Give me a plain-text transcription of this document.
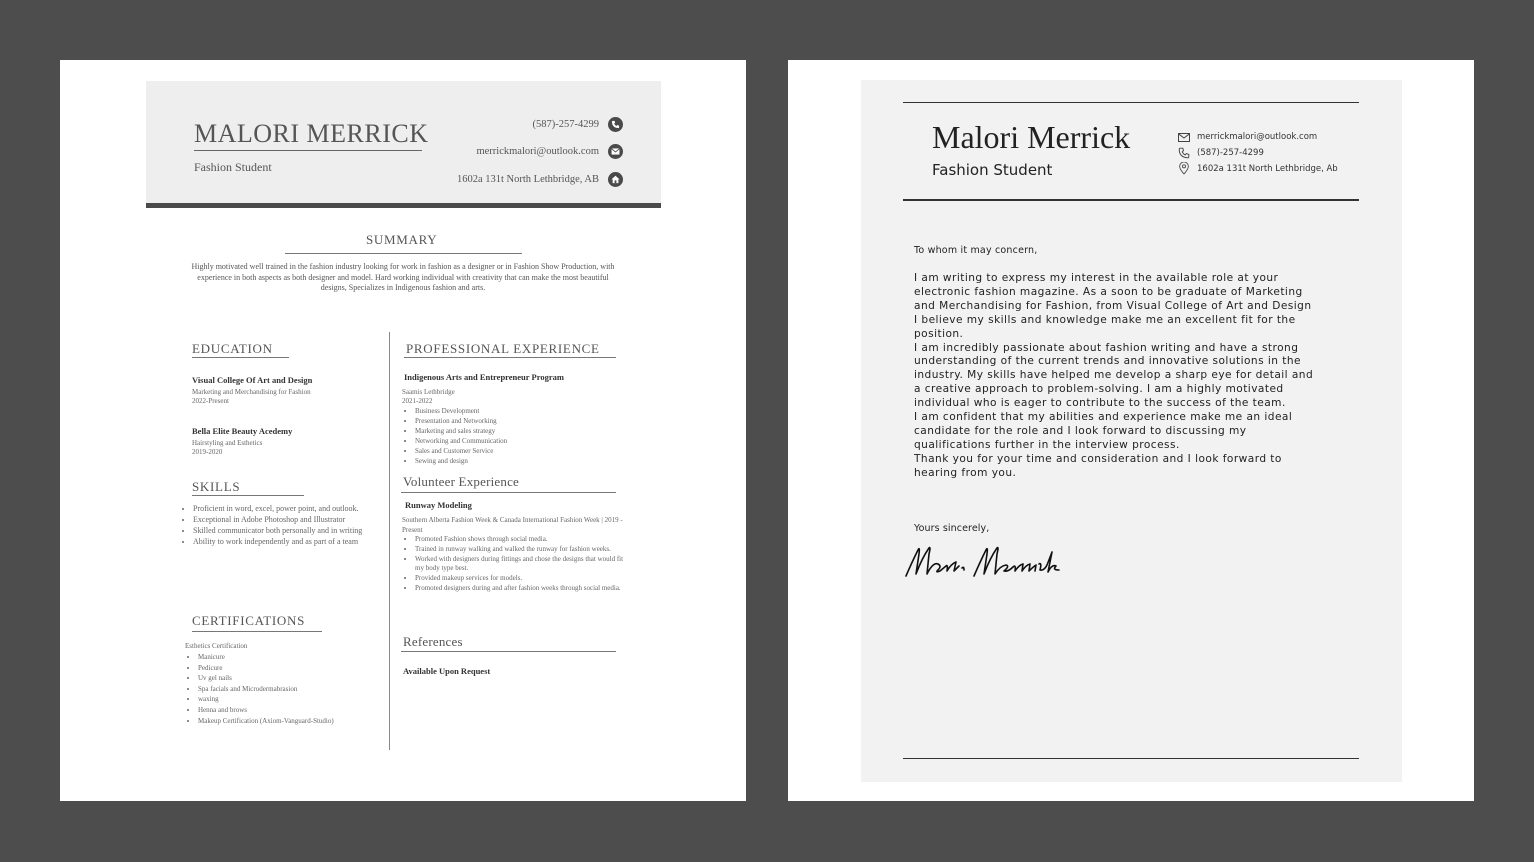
MALORI MERRICK
Fashion Student
(587)-257-4299
merrickmalori@outlook.com
1602a 131t North Lethbridge, AB
SUMMARY
Highly motivated well trained in the fashion industry looking for work in fashion as a designer or in Fashion Show Production, with experience in both aspects as both designer and model. Hard working individual with creativity that can make the most beautiful designs, Specializes in Indigenous fashion and arts.
EDUCATION
Visual College Of Art and Design
Marketing and Merchandising for Fashion
2022-Present
Bella Elite Beauty Acedemy
Hairstyling and Esthetics
2019-2020
SKILLS
• Proficient in word, excel, power point, and outlook.
• Exceptional in Adobe Photoshop and Illustrator
• Skilled communicator both personally and in writing
• Ability to work independently and as part of a team
CERTIFICATIONS
Esthetics Certification
• Manicure
• Pedicure
• Uv gel nails
• Spa facials and Microdermabrasion
• waxing
• Henna and brows
• Makeup Certification (Axiom-Vanguard-Studio)
PROFESSIONAL EXPERIENCE
Indigenous Arts and Entrepreneur Program
Saamis Lethbridge
2021-2022
• Business Development
• Presentation and Networking
• Marketing and sales strategy
• Networking and Communication
• Sales and Customer Service
• Sewing and design
Volunteer Experience
Runway Modeling
Southern Alberta Fashion Week & Canada International Fashion Week | 2019 - Present
• Promoted Fashion shows through social media.
• Trained in runway walking and walked the runway for fashion weeks.
• Worked with designers during fittings and chose the designs that would fit my body type best.
• Provided makeup services for models.
• Promoted designers during and after fashion weeks through social media.
References
Available Upon Request
Malori Merrick
Fashion Student
merrickmalori@outlook.com
(587)-257-4299
1602a 131t North Lethbridge, Ab
To whom it may concern,
I am writing to express my interest in the available role at your
electronic fashion magazine. As a soon to be graduate of Marketing
and Merchandising for Fashion, from Visual College of Art and Design
I believe my skills and knowledge make me an excellent fit for the
position.
I am incredibly passionate about fashion writing and have a strong
understanding of the current trends and innovative solutions in the
industry. My skills have helped me develop a sharp eye for detail and
a creative approach to problem-solving. I am a highly motivated
individual who is eager to contribute to the success of the team.
I am confident that my abilities and experience make me an ideal
candidate for the role and I look forward to discussing my
qualifications further in the interview process.
Thank you for your time and consideration and I look forward to
hearing from you.
Yours sincerely,
